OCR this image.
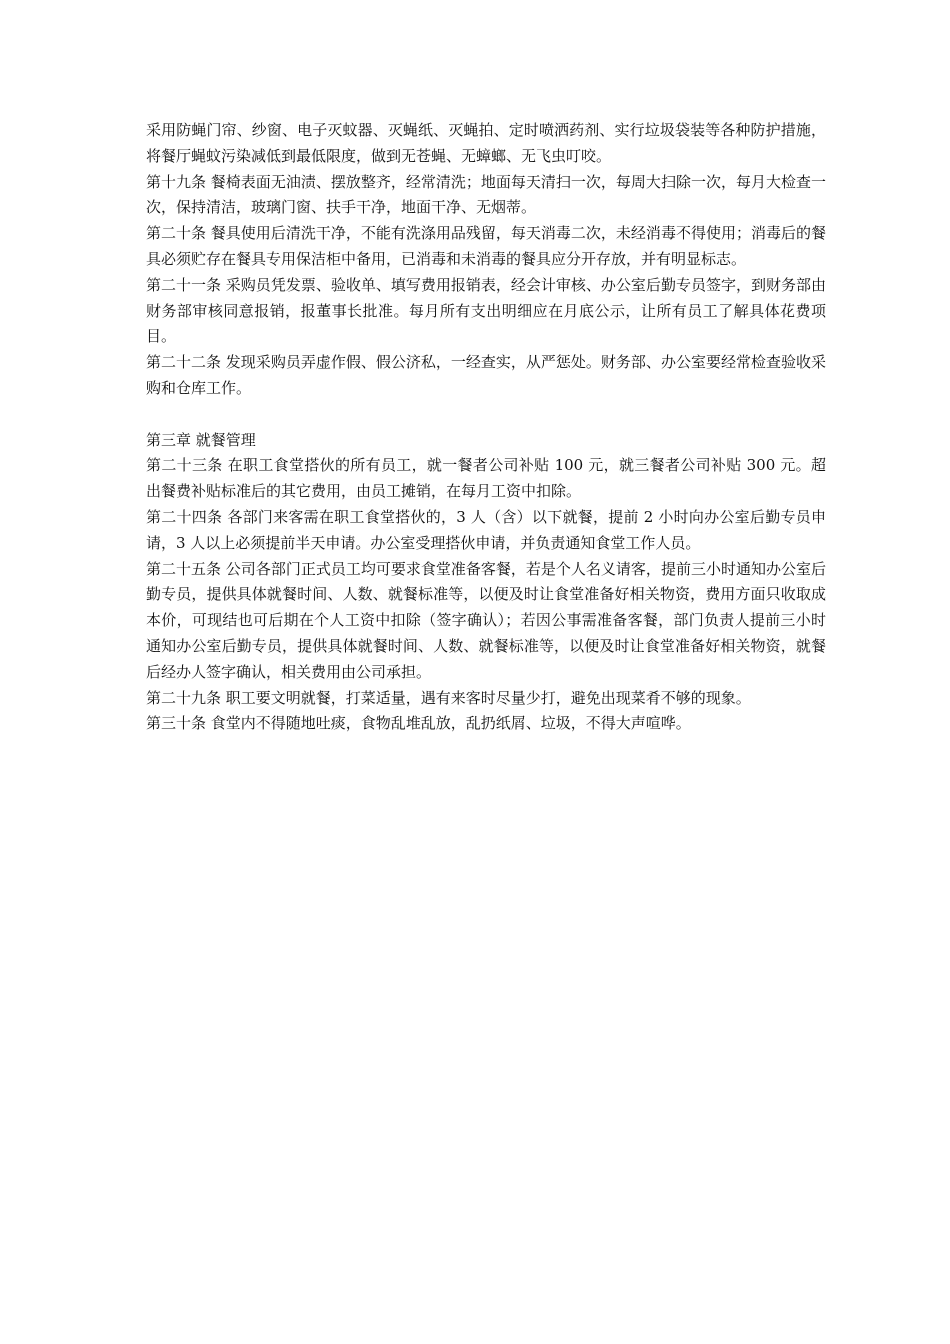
采用防蝇门帘、纱窗、电子灭蚊器、灭蝇纸、灭蝇拍、定时喷洒药剂、实行垃圾袋装等各种防护措施，将餐厅蝇蚊污染减低到最低限度，做到无苍蝇、无蟑螂、无飞虫叮咬。

第十九条 餐椅表面无油渍、摆放整齐，经常清洗；地面每天清扫一次，每周大扫除一次，每月大检查一次，保持清洁，玻璃门窗、扶手干净，地面干净、无烟蒂。

第二十条 餐具使用后清洗干净，不能有洗涤用品残留，每天消毒二次，未经消毒不得使用；消毒后的餐具必须贮存在餐具专用保洁柜中备用，已消毒和未消毒的餐具应分开存放，并有明显标志。

第二十一条 采购员凭发票、验收单、填写费用报销表，经会计审核、办公室后勤专员签字，到财务部由财务部审核同意报销，报董事长批准。每月所有支出明细应在月底公示，让所有员工了解具体花费项目。

第二十二条 发现采购员弄虚作假、假公济私，一经查实，从严惩处。财务部、办公室要经常检查验收采购和仓库工作。

第三章 就餐管理

第二十三条 在职工食堂搭伙的所有员工，就一餐者公司补贴 100 元，就三餐者公司补贴 300 元。超出餐费补贴标准后的其它费用，由员工摊销，在每月工资中扣除。

第二十四条 各部门来客需在职工食堂搭伙的，3 人（含）以下就餐，提前 2 小时向办公室后勤专员申请，3 人以上必须提前半天申请。办公室受理搭伙申请，并负责通知食堂工作人员。

第二十五条 公司各部门正式员工均可要求食堂准备客餐，若是个人名义请客，提前三小时通知办公室后勤专员，提供具体就餐时间、人数、就餐标准等，以便及时让食堂准备好相关物资，费用方面只收取成本价，可现结也可后期在个人工资中扣除（签字确认）；若因公事需准备客餐，部门负责人提前三小时通知办公室后勤专员，提供具体就餐时间、人数、就餐标准等，以便及时让食堂准备好相关物资，就餐后经办人签字确认，相关费用由公司承担。

第二十九条 职工要文明就餐，打菜适量，遇有来客时尽量少打，避免出现菜肴不够的现象。

第三十条 食堂内不得随地吐痰，食物乱堆乱放，乱扔纸屑、垃圾，不得大声喧哗。
